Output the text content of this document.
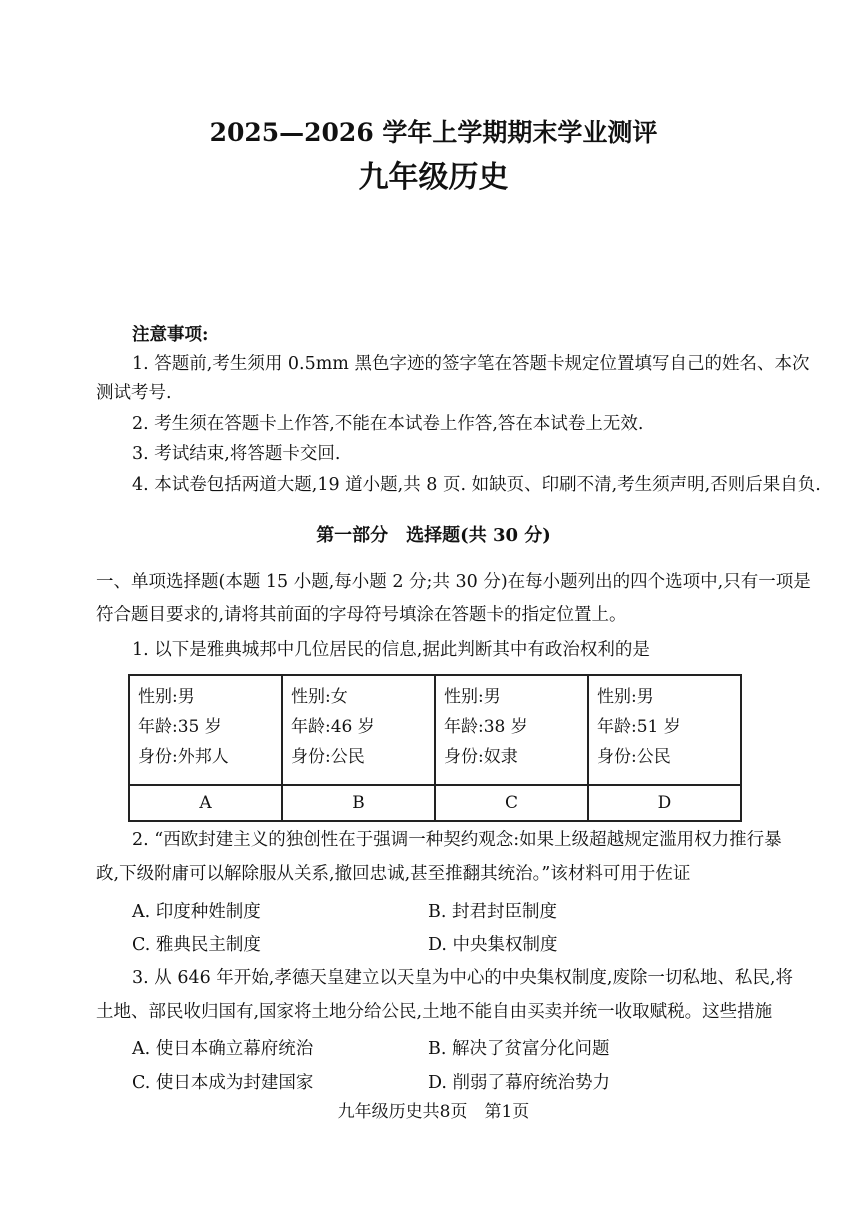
2025—2026 学年上学期期末学业测评
九年级历史
注意事项:
1. 答题前,考生须用 0.5mm 黑色字迹的签字笔在答题卡规定位置填写自己的姓名、本次
测试考号.
2. 考生须在答题卡上作答,不能在本试卷上作答,答在本试卷上无效.
3. 考试结束,将答题卡交回.
4. 本试卷包括两道大题,19 道小题,共 8 页. 如缺页、印刷不清,考生须声明,否则后果自负.
第一部分　选择题(共 30 分)
一、单项选择题(本题 15 小题,每小题 2 分;共 30 分)在每小题列出的四个选项中,只有一项是
符合题目要求的,请将其前面的字母符号填涂在答题卡的指定位置上。
1. 以下是雅典城邦中几位居民的信息,据此判断其中有政治权利的是
性别:男
年龄:35 岁
身份:外邦人	性别:女
年龄:46 岁
身份:公民	性别:男
年龄:38 岁
身份:奴隶	性别:男
年龄:51 岁
身份:公民

A	B	C	D
2. “西欧封建主义的独创性在于强调一种契约观念:如果上级超越规定滥用权力推行暴
政,下级附庸可以解除服从关系,撤回忠诚,甚至推翻其统治。”该材料可用于佐证
A. 印度种姓制度	B. 封君封臣制度
C. 雅典民主制度	D. 中央集权制度
3. 从 646 年开始,孝德天皇建立以天皇为中心的中央集权制度,废除一切私地、私民,将
土地、部民收归国有,国家将土地分给公民,土地不能自由买卖并统一收取赋税。这些措施
A. 使日本确立幕府统治	B. 解决了贫富分化问题
C. 使日本成为封建国家	D. 削弱了幕府统治势力
九年级历史共8页　第1页
